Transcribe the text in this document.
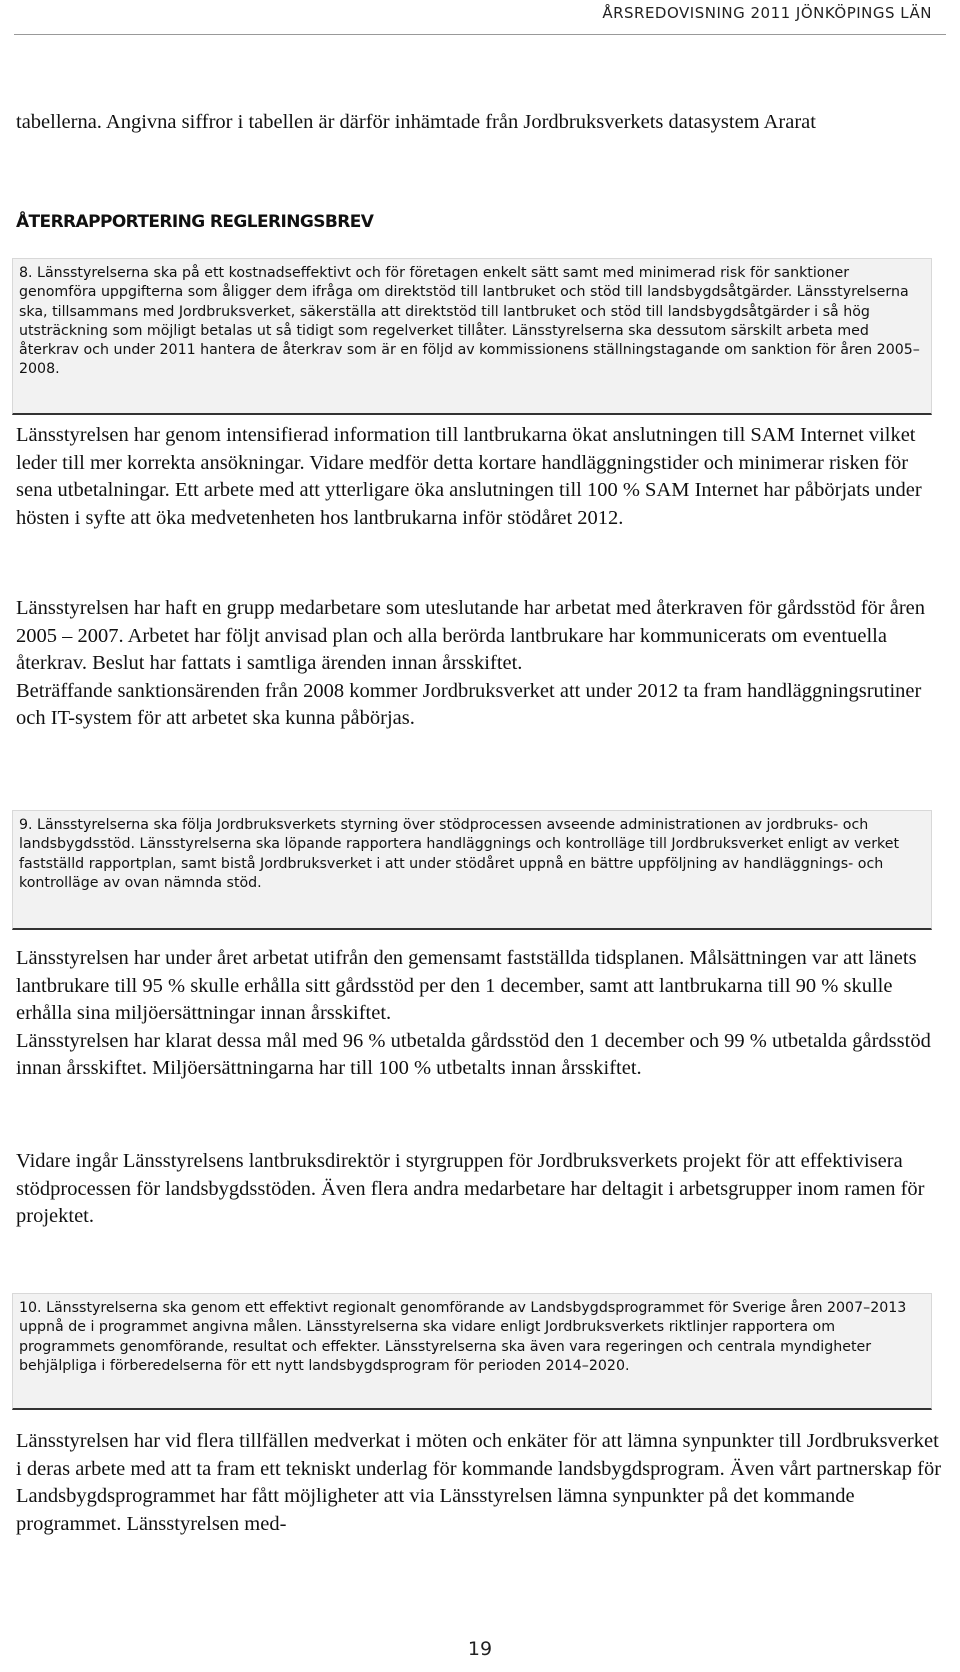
ÅRSREDOVISNING 2011 JÖNKÖPINGS LÄN

tabellerna. Angivna siffror i tabellen är därför inhämtade från Jordbruksverkets datasystem Ararat

ÅTERRAPPORTERING REGLERINGSBREV
8. Länsstyrelserna ska på ett kostnadseffektivt och för företagen enkelt sätt samt med minimerad risk för sanktioner genomföra uppgifterna som åligger dem ifråga om direktstöd till lantbruket och stöd till landsbygdsåtgärder. Länsstyrelserna ska, tillsammans med Jordbruksverket, säkerställa att direktstöd till lantbruket och stöd till landsbygdsåtgärder i så hög utsträckning som möjligt betalas ut så tidigt som regelverket tillåter. Länsstyrelserna ska dessutom särskilt arbeta med återkrav och under 2011 hantera de återkrav som är en följd av kommissionens ställningstagande om sanktion för åren 2005–2008.

Länsstyrelsen har genom intensifierad information till lantbrukarna ökat anslutningen till SAM Internet vilket leder till mer korrekta ansökningar. Vidare medför detta kortare handläggningstider och minimerar risken för sena utbetalningar. Ett arbete med att ytterligare öka anslutningen till 100 % SAM Internet har påbörjats under hösten i syfte att öka medvetenheten hos lantbrukarna inför stödåret 2012.

Länsstyrelsen har haft en grupp medarbetare som uteslutande har arbetat med återkraven för gårdsstöd för åren 2005 – 2007. Arbetet har följt anvisad plan och alla berörda lantbrukare har kommunicerats om eventuella återkrav. Beslut har fattats i samtliga ärenden innan årsskiftet.
Beträffande sanktionsärenden från 2008 kommer Jordbruksverket att under 2012 ta fram handläggningsrutiner och IT-system för att arbetet ska kunna påbörjas.
9. Länsstyrelserna ska följa Jordbruksverkets styrning över stödprocessen avseende administrationen av jordbruks- och landsbygdsstöd. Länsstyrelserna ska löpande rapportera handläggnings och kontrolläge till Jordbruksverket enligt av verket fastställd rapportplan, samt bistå Jordbruksverket i att under stödåret uppnå en bättre uppföljning av handläggnings- och kontrolläge av ovan nämnda stöd.
Länsstyrelsen har under året arbetat utifrån den gemensamt fastställda tidsplanen. Målsättningen var att länets lantbrukare till 95 % skulle erhålla sitt gårdsstöd per den 1 december, samt att lantbrukarna till 90 % skulle erhålla sina miljöersättningar innan årsskiftet.
Länsstyrelsen har klarat dessa mål med 96 % utbetalda gårdsstöd den 1 december och 99 % utbetalda gårdsstöd innan årsskiftet. Miljöersättningarna har till 100 % utbetalts innan årsskiftet.

Vidare ingår Länsstyrelsens lantbruksdirektör i styrgruppen för Jordbruksverkets projekt för att effektivisera stödprocessen för landsbygdsstöden. Även flera andra medarbetare har deltagit i arbetsgrupper inom ramen för projektet.

10. Länsstyrelserna ska genom ett effektivt regionalt genomförande av Landsbygdsprogrammet för Sverige åren 2007–2013 uppnå de i programmet angivna målen. Länsstyrelserna ska vidare enligt Jordbruksverkets riktlinjer rapportera om programmets genomförande, resultat och effekter. Länsstyrelserna ska även vara regeringen och centrala myndigheter behjälpliga i förberedelserna för ett nytt landsbygdsprogram för perioden 2014–2020.

Länsstyrelsen har vid flera tillfällen medverkat i möten och enkäter för att lämna synpunkter till Jordbruksverket i deras arbete med att ta fram ett tekniskt underlag för kommande landsbygdsprogram. Även vårt partnerskap för Landsbygdsprogrammet har fått möjligheter att via Länsstyrelsen lämna synpunkter på det kommande programmet. Länsstyrelsen med-

19
